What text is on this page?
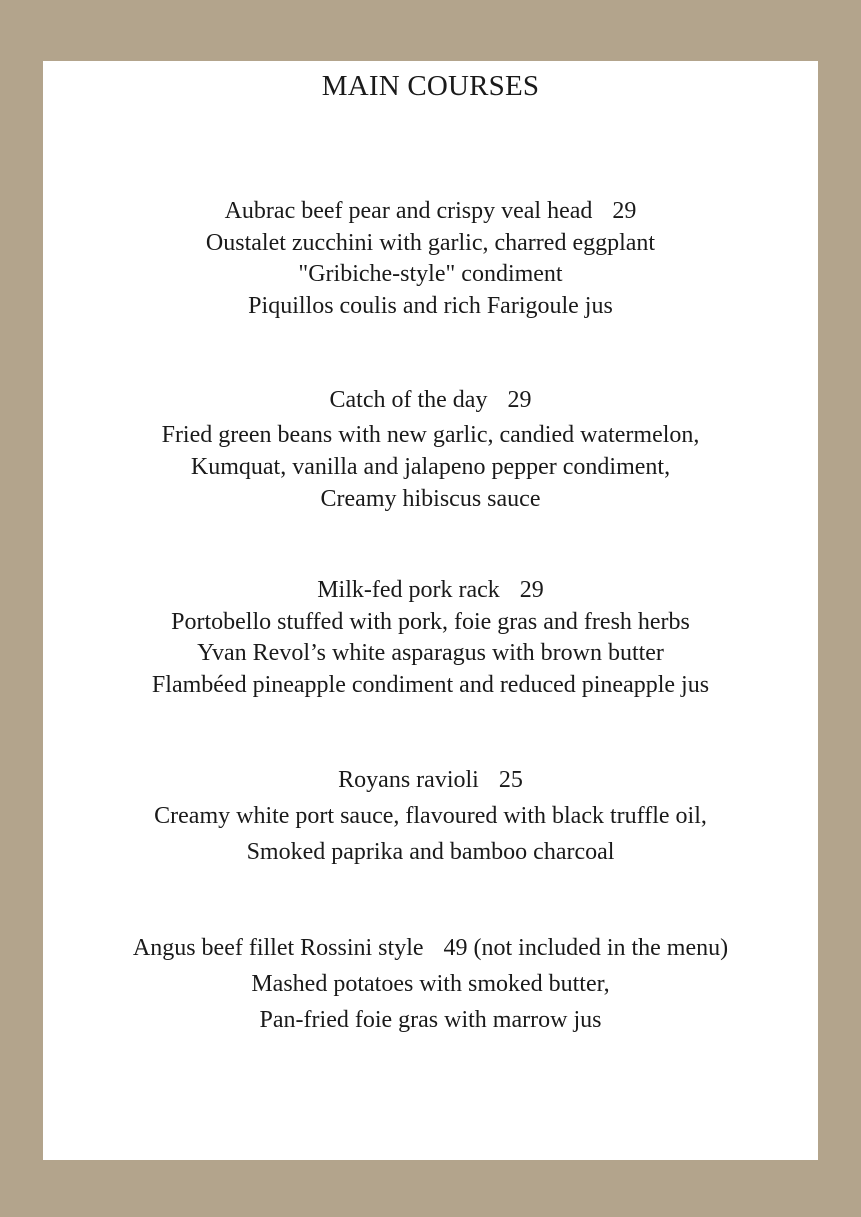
MAIN COURSES
Aubrac beef pear and crispy veal head 29
Oustalet zucchini with garlic, charred eggplant
"Gribiche-style" condiment
Piquillos coulis and rich Farigoule jus
Catch of the day 29
Fried green beans with new garlic, candied watermelon,
Kumquat, vanilla and jalapeno pepper condiment,
Creamy hibiscus sauce
Milk-fed pork rack 29
Portobello stuffed with pork, foie gras and fresh herbs
Yvan Revol’s white asparagus with brown butter
Flambéed pineapple condiment and reduced pineapple jus
Royans ravioli 25
Creamy white port sauce, flavoured with black truffle oil,
Smoked paprika and bamboo charcoal
Angus beef fillet Rossini style 49 (not included in the menu)
Mashed potatoes with smoked butter,
Pan-fried foie gras with marrow jus
